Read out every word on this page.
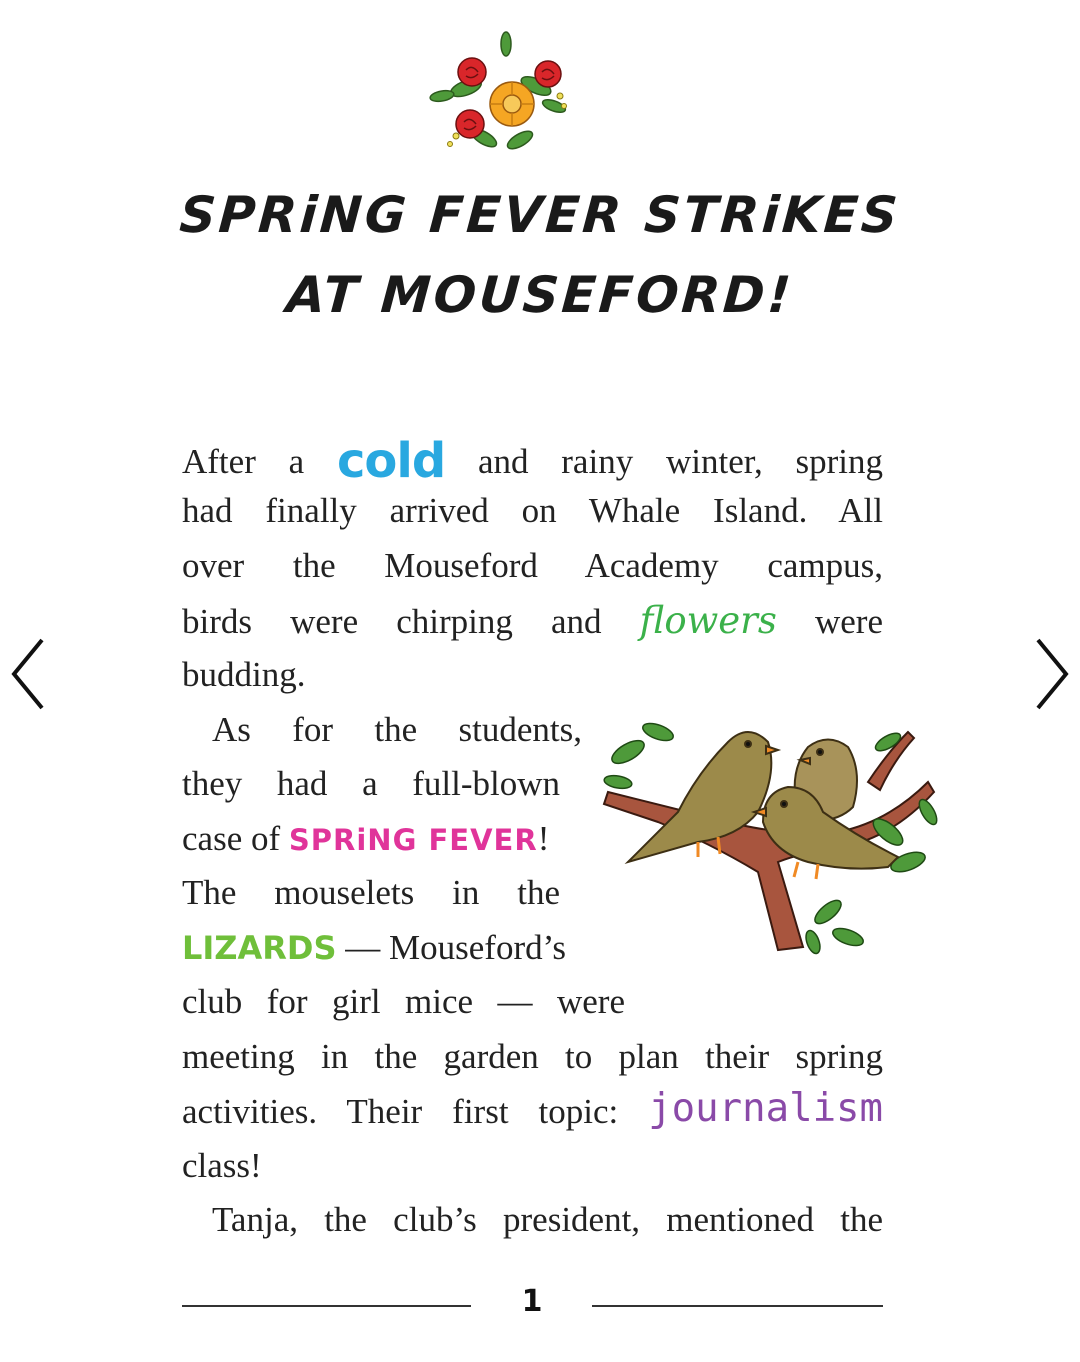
SPRiNG FEVER STRiKES
AT MOUSEFORD!
After a cold and rainy winter, spring
had finally arrived on Whale Island. All
over the Mouseford Academy campus,
birds were chirping and flowers were
budding.
As for the students,
they had a full-blown
case of SPRiNG FEVER!
The mouselets in the
LIZARDS — Mouseford’s
club for girl mice — were
meeting in the garden to plan their spring
activities. Their first topic: journalism
class!
Tanja, the club’s president, mentioned the
1
